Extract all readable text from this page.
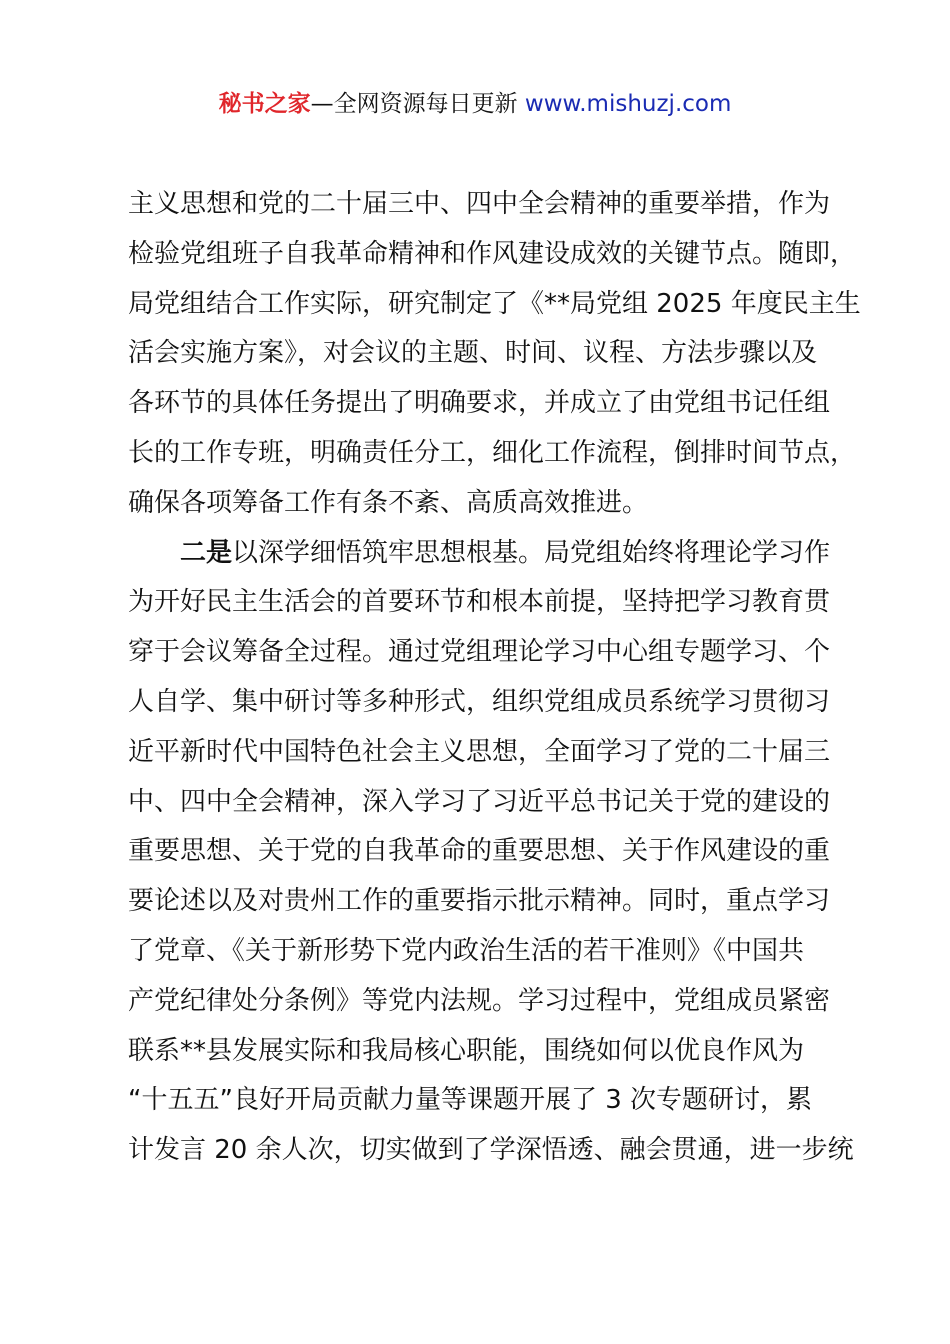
秘书之家—全网资源每日更新 www.mishuzj.com
主义思想和党的二十届三中、四中全会精神的重要举措，作为
检验党组班子自我革命精神和作风建设成效的关键节点。随即，
局党组结合工作实际，研究制定了《**局党组 2025 年度民主生
活会实施方案》，对会议的主题、时间、议程、方法步骤以及
各环节的具体任务提出了明确要求，并成立了由党组书记任组
长的工作专班，明确责任分工，细化工作流程，倒排时间节点，
确保各项筹备工作有条不紊、高质高效推进。
二是以深学细悟筑牢思想根基。局党组始终将理论学习作
为开好民主生活会的首要环节和根本前提，坚持把学习教育贯
穿于会议筹备全过程。通过党组理论学习中心组专题学习、个
人自学、集中研讨等多种形式，组织党组成员系统学习贯彻习
近平新时代中国特色社会主义思想，全面学习了党的二十届三
中、四中全会精神，深入学习了习近平总书记关于党的建设的
重要思想、关于党的自我革命的重要思想、关于作风建设的重
要论述以及对贵州工作的重要指示批示精神。同时，重点学习
了党章、《关于新形势下党内政治生活的若干准则》《中国共
产党纪律处分条例》等党内法规。学习过程中，党组成员紧密
联系**县发展实际和我局核心职能，围绕如何以优良作风为
“十五五”良好开局贡献力量等课题开展了 3 次专题研讨，累
计发言 20 余人次，切实做到了学深悟透、融会贯通，进一步统
